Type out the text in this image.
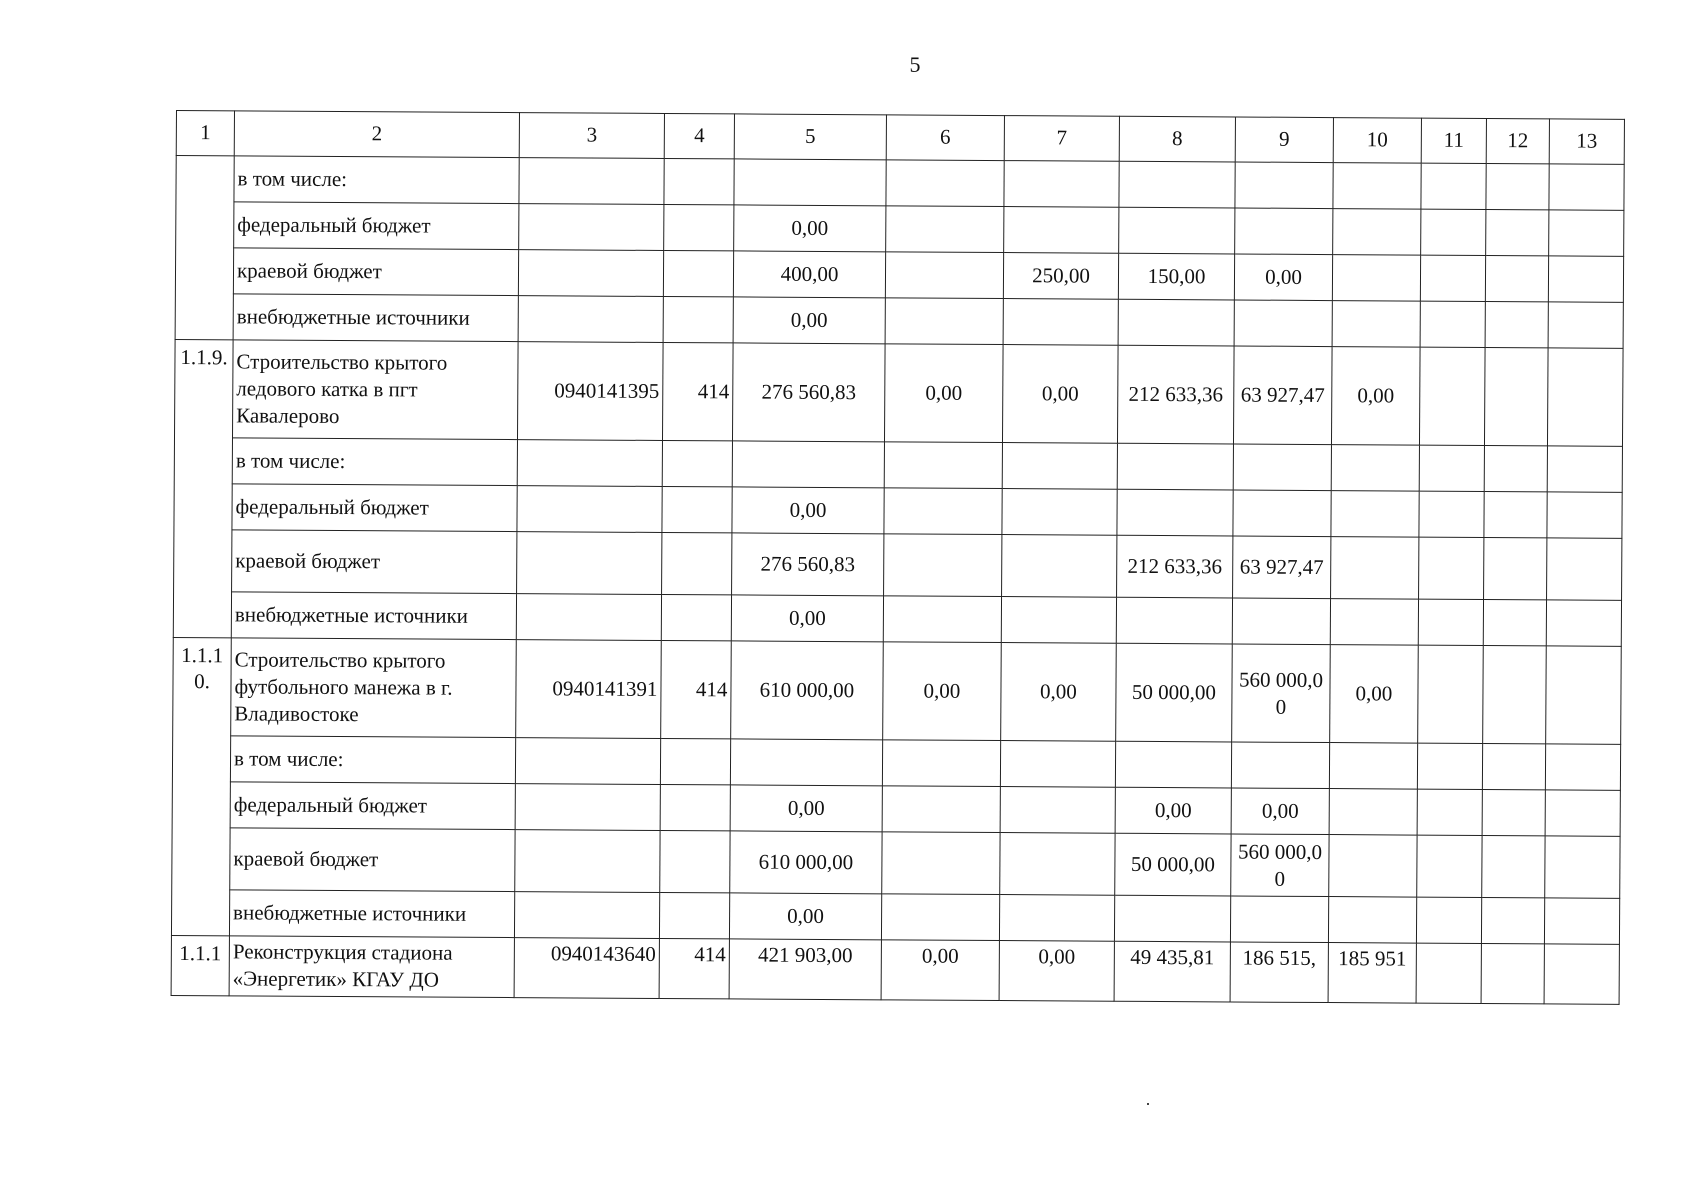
5
1	2	3	4	5	6	7	8	9	10	11	12	13
	в том числе:											
	федеральный бюджет			0,00								
	краевой бюджет			400,00		250,00	150,00	0,00				
	внебюджетные источники			0,00								
1.1.9.	Строительство крытого ледового катка в пгт Кавалерово	0940141395	414	276 560,83	0,00	0,00	212 633,36	63 927,47	0,00			
	в том числе:											
	федеральный бюджет			0,00								
	краевой бюджет			276 560,83			212 633,36	63 927,47				
	внебюджетные источники			0,00								
1.1.10.	Строительство крытого футбольного манежа в г. Владивостоке	0940141391	414	610 000,00	0,00	0,00	50 000,00	560 000,00	0,00			
	в том числе:											
	федеральный бюджет			0,00			0,00	0,00				
	краевой бюджет			610 000,00			50 000,00	560 000,00				
	внебюджетные источники			0,00								
1.1.1	Реконструкция стадиона «Энергетик» КГАУ ДО	0940143640	414	421 903,00	0,00	0,00	49 435,81	186 515,	185 951			
